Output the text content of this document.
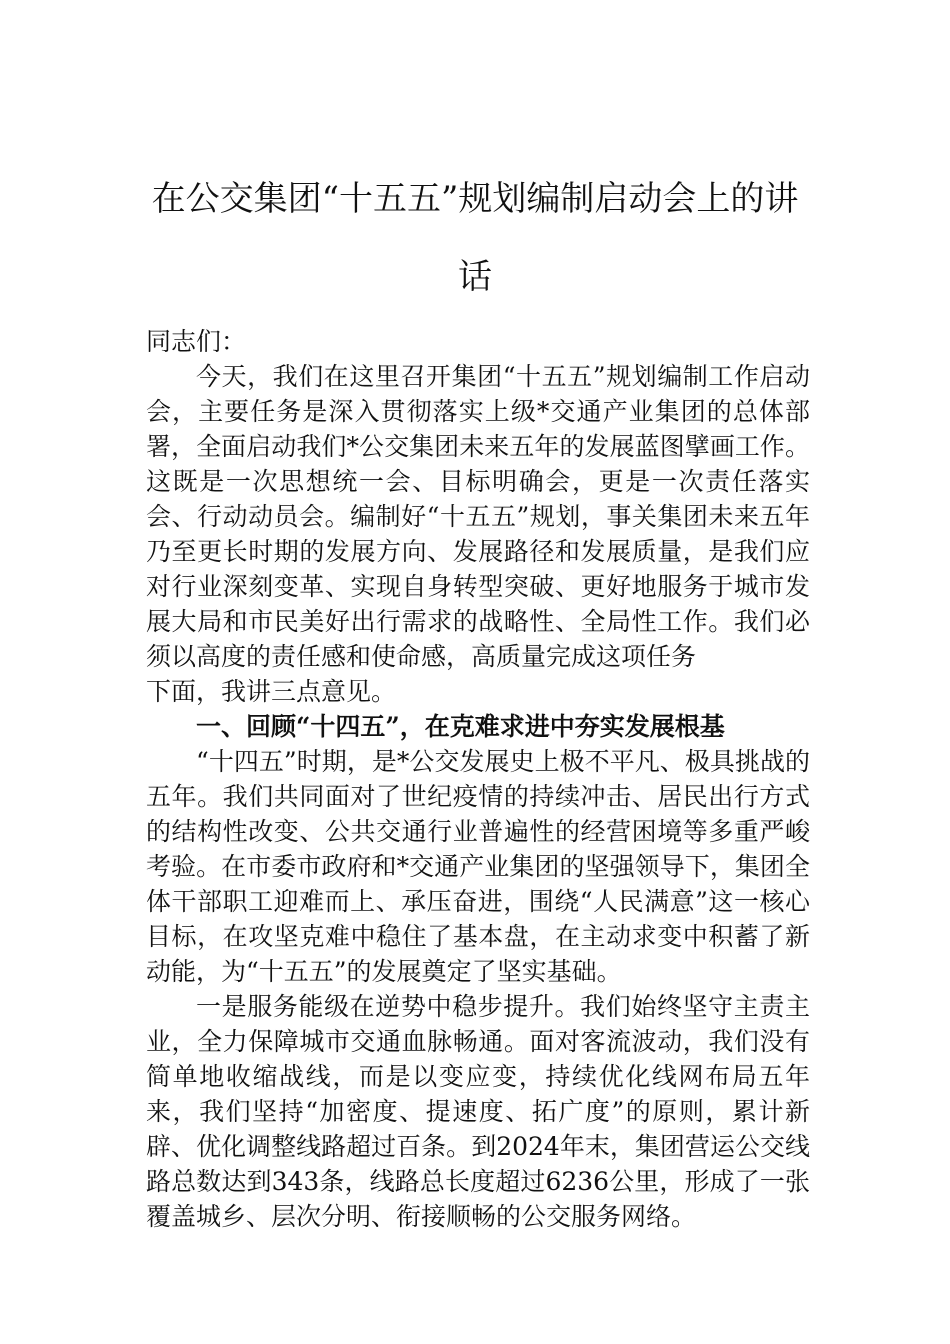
在公交集团“十五五”规划编制启动会上的讲话

同志们：

今天，我们在这里召开集团“十五五”规划编制工作启动会，主要任务是深入贯彻落实上级*交通产业集团的总体部署，全面启动我们*公交集团未来五年的发展蓝图擘画工作。这既是一次思想统一会、目标明确会，更是一次责任落实会、行动动员会。编制好“十五五”规划，事关集团未来五年乃至更长时期的发展方向、发展路径和发展质量，是我们应对行业深刻变革、实现自身转型突破、更好地服务于城市发展大局和市民美好出行需求的战略性、全局性工作。我们必须以高度的责任感和使命感，高质量完成这项任务

下面，我讲三点意见。

一、回顾“十四五”，在克难求进中夯实发展根基

“十四五”时期，是*公交发展史上极不平凡、极具挑战的五年。我们共同面对了世纪疫情的持续冲击、居民出行方式的结构性改变、公共交通行业普遍性的经营困境等多重严峻考验。在市委市政府和*交通产业集团的坚强领导下，集团全体干部职工迎难而上、承压奋进，围绕“人民满意”这一核心目标，在攻坚克难中稳住了基本盘，在主动求变中积蓄了新动能，为“十五五”的发展奠定了坚实基础。

一是服务能级在逆势中稳步提升。我们始终坚守主责主业，全力保障城市交通血脉畅通。面对客流波动，我们没有简单地收缩战线，而是以变应变，持续优化线网布局五年来，我们坚持“加密度、提速度、拓广度”的原则，累计新辟、优化调整线路超过百条。到2024年末，集团营运公交线路总数达到343条，线路总长度超过6236公里，形成了一张覆盖城乡、层次分明、衔接顺畅的公交服务网络。
